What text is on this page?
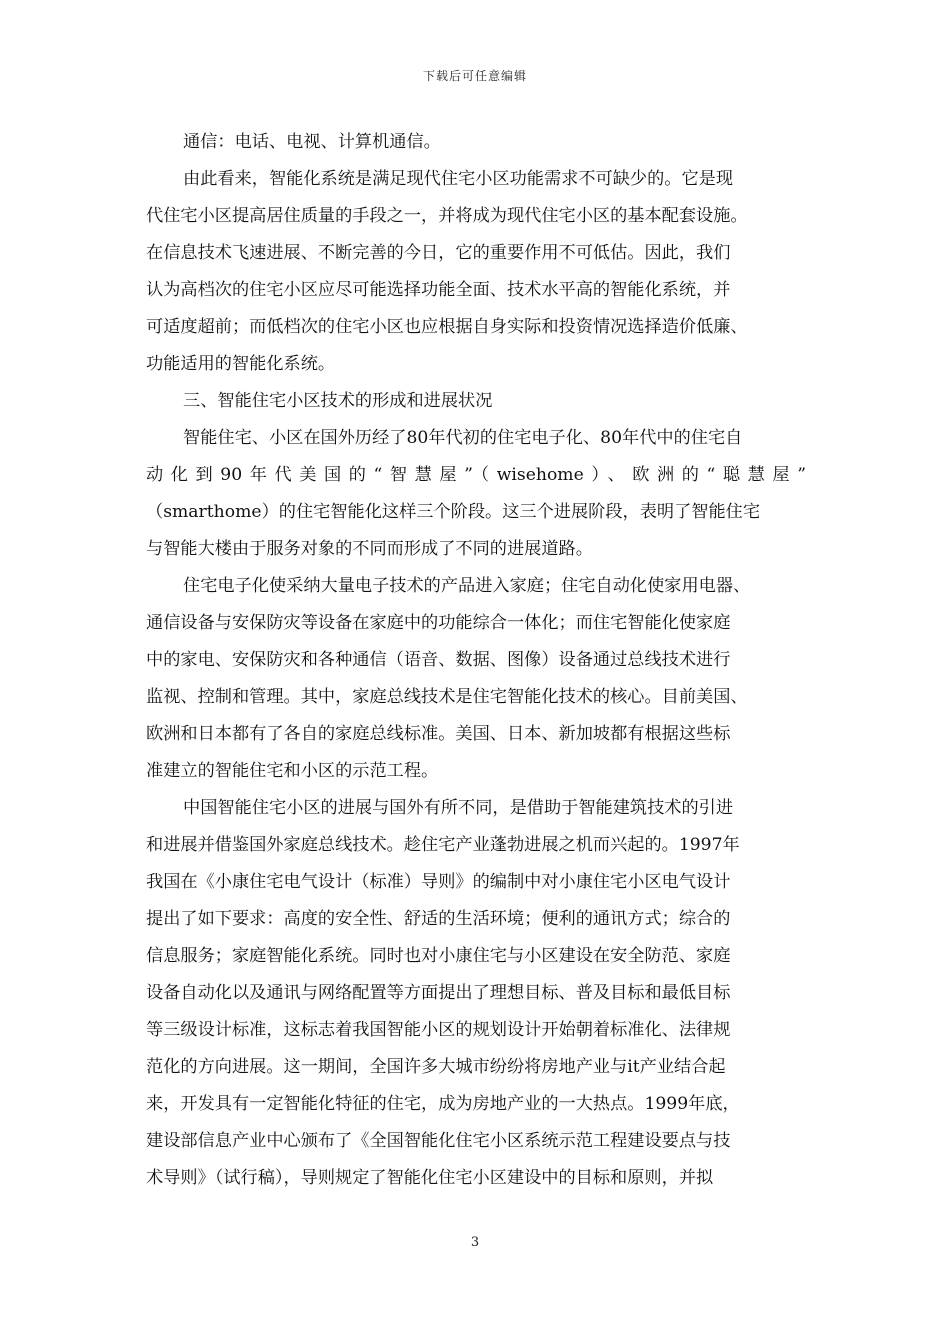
下载后可任意编辑
通信：电话、电视、计算机通信。
由此看来，智能化系统是满足现代住宅小区功能需求不可缺少的。它是现
代住宅小区提高居住质量的手段之一，并将成为现代住宅小区的基本配套设施。
在信息技术飞速进展、不断完善的今日，它的重要作用不可低估。因此，我们
认为高档次的住宅小区应尽可能选择功能全面、技术水平高的智能化系统，并
可适度超前；而低档次的住宅小区也应根据自身实际和投资情况选择造价低廉、
功能适用的智能化系统。
三、智能住宅小区技术的形成和进展状况
智能住宅、小区在国外历经了80年代初的住宅电子化、80年代中的住宅自
动化到90年代美国的“智慧屋”（wisehome）、欧洲的“聪慧屋”
（smarthome）的住宅智能化这样三个阶段。这三个进展阶段，表明了智能住宅
与智能大楼由于服务对象的不同而形成了不同的进展道路。
住宅电子化使采纳大量电子技术的产品进入家庭；住宅自动化使家用电器、
通信设备与安保防灾等设备在家庭中的功能综合一体化；而住宅智能化使家庭
中的家电、安保防灾和各种通信（语音、数据、图像）设备通过总线技术进行
监视、控制和管理。其中，家庭总线技术是住宅智能化技术的核心。目前美国、
欧洲和日本都有了各自的家庭总线标准。美国、日本、新加坡都有根据这些标
准建立的智能住宅和小区的示范工程。
中国智能住宅小区的进展与国外有所不同，是借助于智能建筑技术的引进
和进展并借鉴国外家庭总线技术。趁住宅产业蓬勃进展之机而兴起的。1997年
我国在《小康住宅电气设计（标准）导则》的编制中对小康住宅小区电气设计
提出了如下要求：高度的安全性、舒适的生活环境；便利的通讯方式；综合的
信息服务；家庭智能化系统。同时也对小康住宅与小区建设在安全防范、家庭
设备自动化以及通讯与网络配置等方面提出了理想目标、普及目标和最低目标
等三级设计标准，这标志着我国智能小区的规划设计开始朝着标准化、法律规
范化的方向进展。这一期间，全国许多大城市纷纷将房地产业与it产业结合起
来，开发具有一定智能化特征的住宅，成为房地产业的一大热点。1999年底，
建设部信息产业中心颁布了《全国智能化住宅小区系统示范工程建设要点与技
术导则》（试行稿），导则规定了智能化住宅小区建设中的目标和原则，并拟
3
